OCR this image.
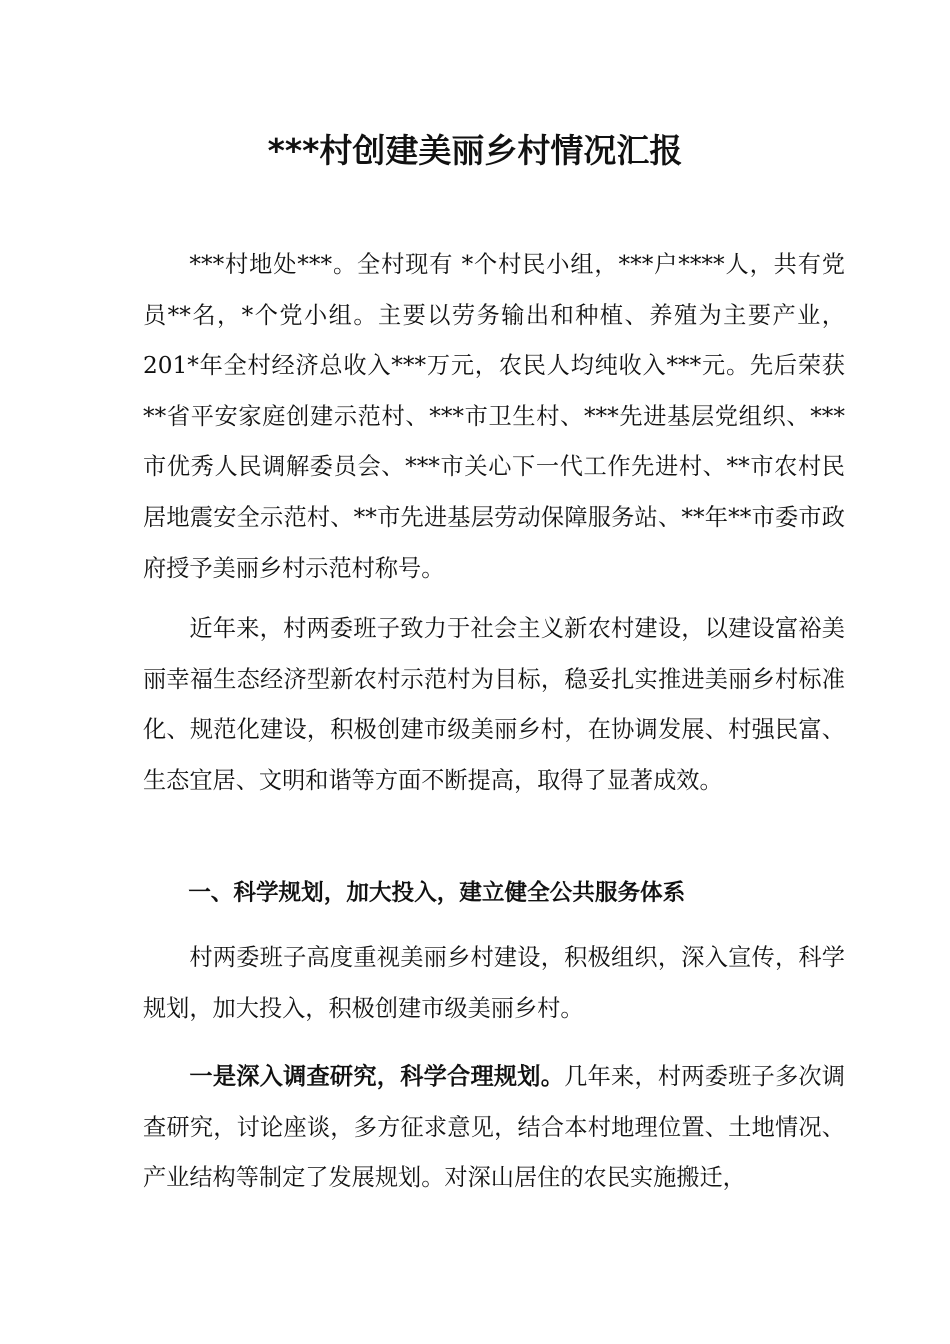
***村创建美丽乡村情况汇报

***村地处***。全村现有 *个村民小组，***户****人，共有党员**名，*个党小组。主要以劳务输出和种植、养殖为主要产业，201*年全村经济总收入***万元，农民人均纯收入***元。先后荣获**省平安家庭创建示范村、***市卫生村、***先进基层党组织、***市优秀人民调解委员会、***市关心下一代工作先进村、**市农村民居地震安全示范村、**市先进基层劳动保障服务站、**年**市委市政府授予美丽乡村示范村称号。

近年来，村两委班子致力于社会主义新农村建设，以建设富裕美丽幸福生态经济型新农村示范村为目标，稳妥扎实推进美丽乡村标准化、规范化建设，积极创建市级美丽乡村，在协调发展、村强民富、生态宜居、文明和谐等方面不断提高，取得了显著成效。

一、科学规划，加大投入，建立健全公共服务体系

村两委班子高度重视美丽乡村建设，积极组织，深入宣传，科学规划，加大投入，积极创建市级美丽乡村。

一是深入调查研究，科学合理规划。几年来，村两委班子多次调查研究，讨论座谈，多方征求意见，结合本村地理位置、土地情况、产业结构等制定了发展规划。对深山居住的农民实施搬迁，
